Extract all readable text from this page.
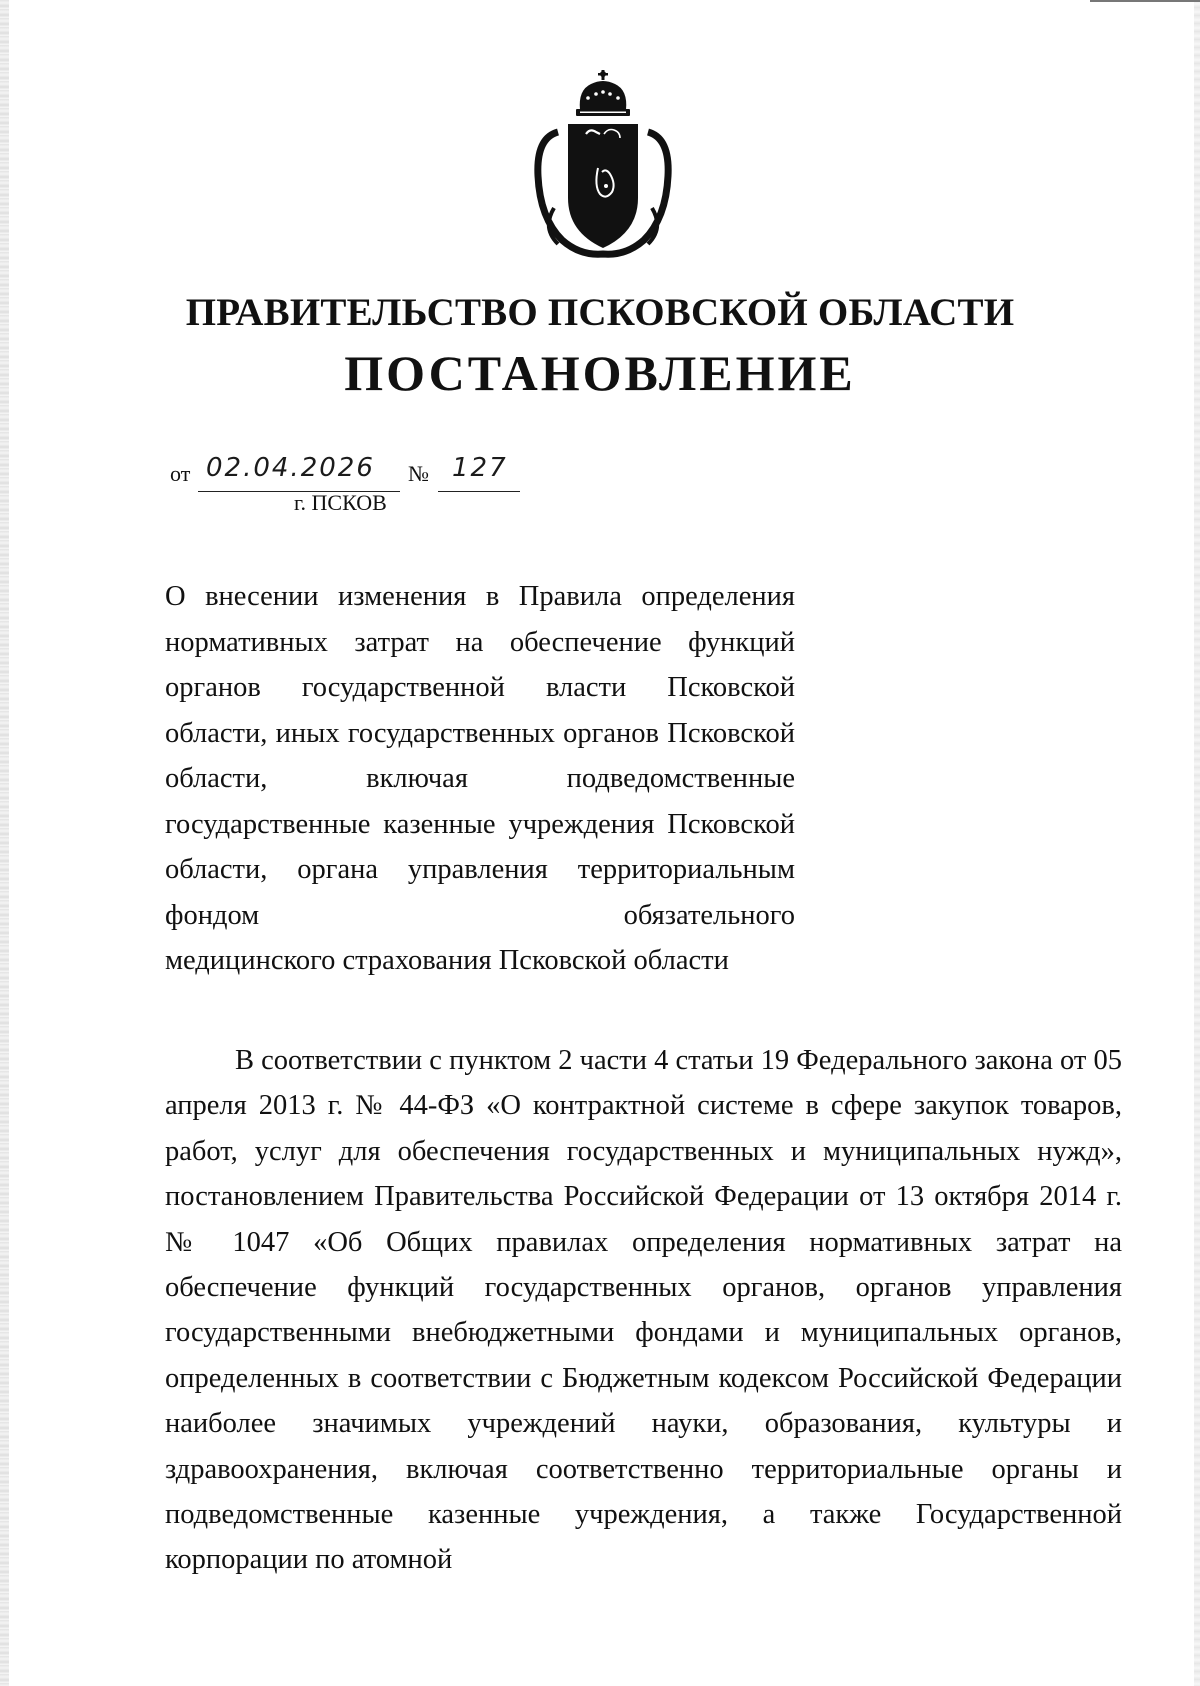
ПРАВИТЕЛЬСТВО ПСКОВСКОЙ ОБЛАСТИ
ПОСТАНОВЛЕНИЕ
от 02.04.2026 № 127
г. ПСКОВ
О внесении изменения в Правила определения нормативных затрат на обеспечение функций органов государственной власти Псковской области, иных государственных органов Псковской области, включая подведомственные государственные казенные учреждения Псковской области, органа управления территориальным фондом обязательного
медицинского страхования Псковской области
В соответствии с пунктом 2 части 4 статьи 19 Федерального закона от 05 апреля 2013 г. № 44-ФЗ «О контрактной системе в сфере закупок товаров, работ, услуг для обеспечения государственных и муниципальных нужд», постановлением Правительства Российской Федерации от 13 октября 2014 г. № 1047 «Об Общих правилах определения нормативных затрат на обеспечение функций государственных органов, органов управления государственными внебюджетными фондами и муниципальных органов, определенных в соответствии с Бюджетным кодексом Российской Федерации наиболее значимых учреждений науки, образования, культуры и здравоохранения, включая соответственно территориальные органы и подведомственные казенные учреждения, а также Государственной корпорации по атомной
